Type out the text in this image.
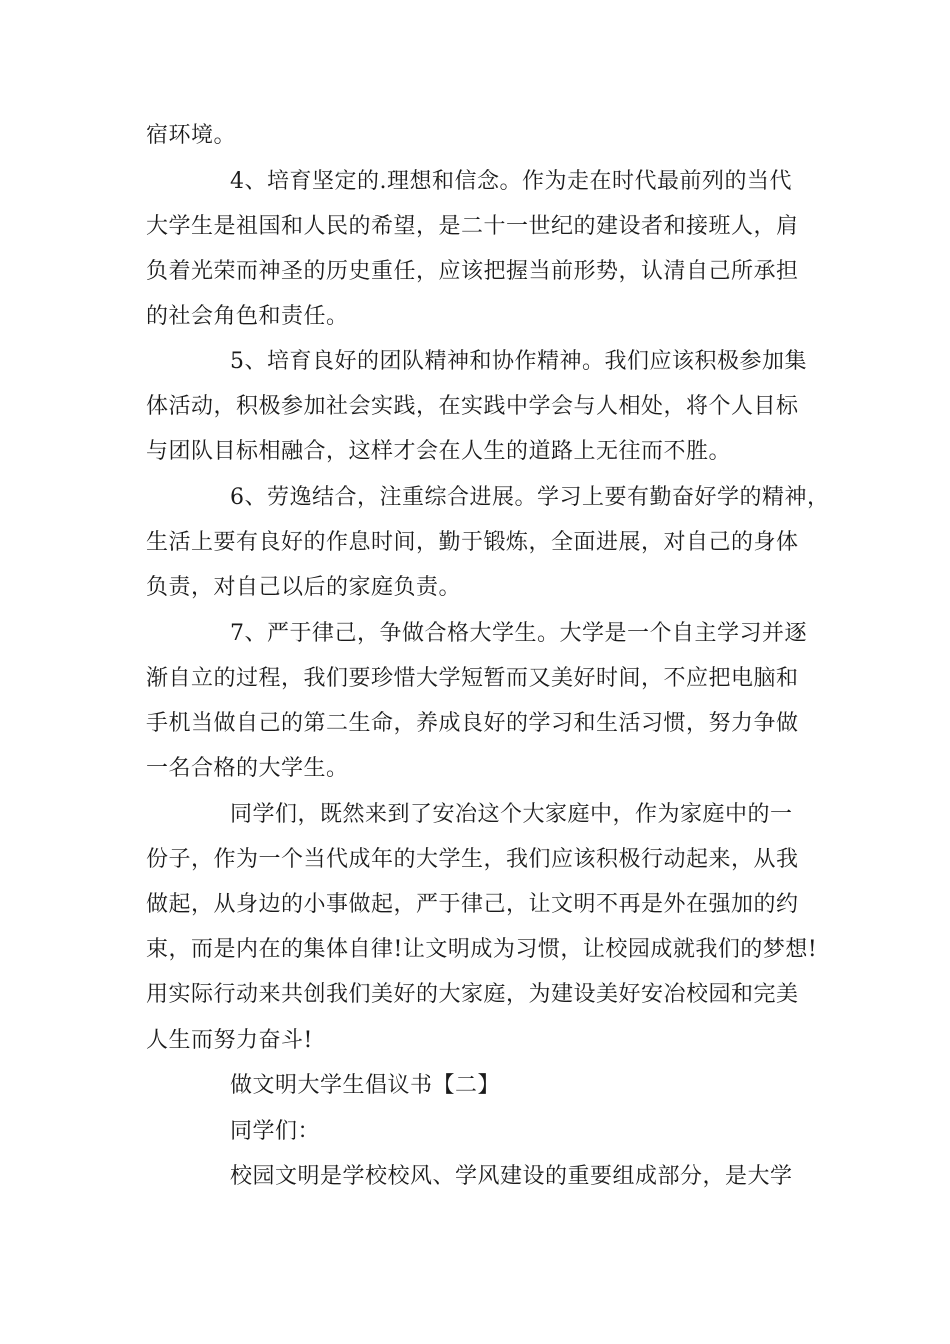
宿环境。
4、培育坚定的.理想和信念。作为走在时代最前列的当代
大学生是祖国和人民的希望，是二十一世纪的建设者和接班人，肩
负着光荣而神圣的历史重任，应该把握当前形势，认清自己所承担
的社会角色和责任。
5、培育良好的团队精神和协作精神。我们应该积极参加集
体活动，积极参加社会实践，在实践中学会与人相处，将个人目标
与团队目标相融合，这样才会在人生的道路上无往而不胜。
6、劳逸结合，注重综合进展。学习上要有勤奋好学的精神，
生活上要有良好的作息时间，勤于锻炼，全面进展，对自己的身体
负责，对自己以后的家庭负责。
7、严于律己，争做合格大学生。大学是一个自主学习并逐
渐自立的过程，我们要珍惜大学短暂而又美好时间，不应把电脑和
手机当做自己的第二生命，养成良好的学习和生活习惯，努力争做
一名合格的大学生。
同学们，既然来到了安冶这个大家庭中，作为家庭中的一
份子，作为一个当代成年的大学生，我们应该积极行动起来，从我
做起，从身边的小事做起，严于律己，让文明不再是外在强加的约
束，而是内在的集体自律!让文明成为习惯，让校园成就我们的梦想!
用实际行动来共创我们美好的大家庭，为建设美好安冶校园和完美
人生而努力奋斗!
做文明大学生倡议书【二】
同学们：
校园文明是学校校风、学风建设的重要组成部分，是大学
